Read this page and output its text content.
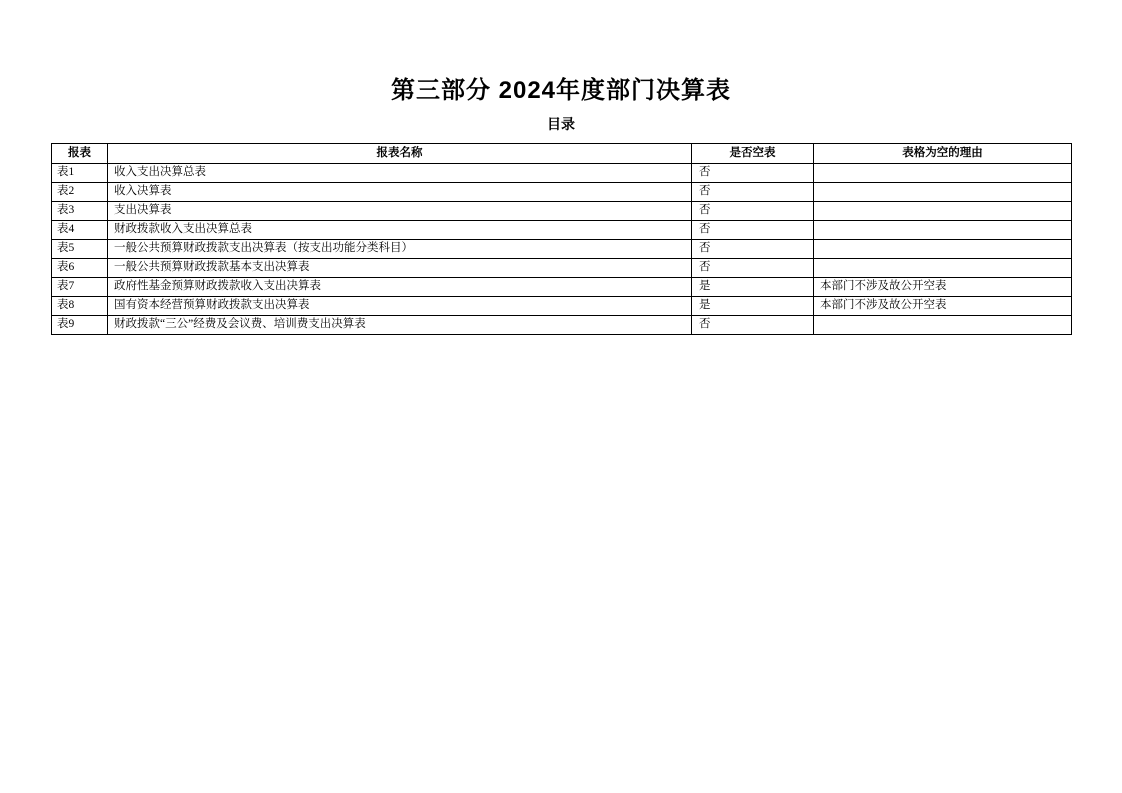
第三部分 2024年度部门决算表
目录
报表	报表名称	是否空表	表格为空的理由
表1	收入支出决算总表	否	
表2	收入决算表	否	
表3	支出决算表	否	
表4	财政拨款收入支出决算总表	否	
表5	一般公共预算财政拨款支出决算表（按支出功能分类科目）	否	
表6	一般公共预算财政拨款基本支出决算表	否	
表7	政府性基金预算财政拨款收入支出决算表	是	本部门不涉及故公开空表
表8	国有资本经营预算财政拨款支出决算表	是	本部门不涉及故公开空表
表9	财政拨款“三公”经费及会议费、培训费支出决算表	否	
